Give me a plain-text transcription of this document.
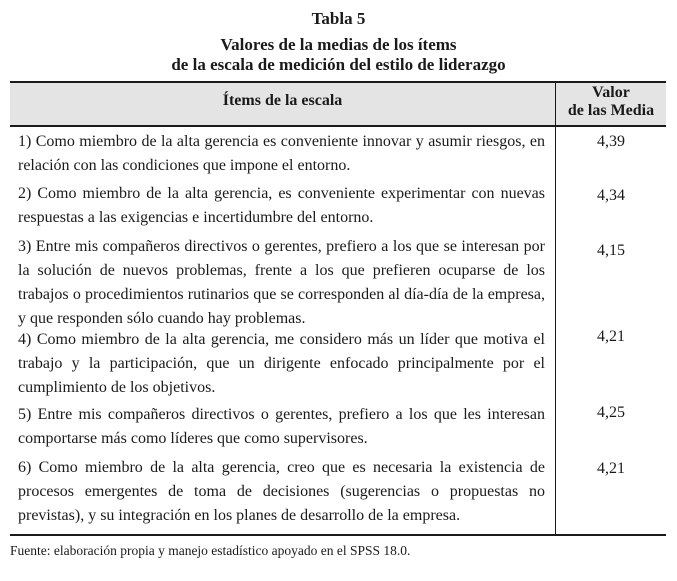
Tabla 5
Valores de la medias de los ítems
de la escala de medición del estilo de liderazgo
Ítems de la escala	Valor
de las Media
1) Como miembro de la alta gerencia es conveniente innovar y asumir riesgos, en relación con las condiciones que impone el entorno.
4,39
2) Como miembro de la alta gerencia, es conveniente experimentar con nuevas respuestas a las exigencias e incertidumbre del entorno.
4,34
3) Entre mis compañeros directivos o gerentes, prefiero a los que se interesan por la solución de nuevos problemas, frente a los que prefieren ocuparse de los trabajos o procedimientos rutinarios que se corresponden al día-día de la empresa, y que responden sólo cuando hay problemas.
4,15
4) Como miembro de la alta gerencia, me considero más un líder que motiva el trabajo y la participación, que un dirigente enfocado principalmente por el cumplimiento de los objetivos.
4,21
5) Entre mis compañeros directivos o gerentes, prefiero a los que les interesan comportarse más como líderes que como supervisores.
4,25
6) Como miembro de la alta gerencia, creo que es necesaria la existencia de procesos emergentes de toma de decisiones (sugerencias o propuestas no previstas), y su integración en los planes de desarrollo de la empresa.
4,21
Fuente: elaboración propia y manejo estadístico apoyado en el SPSS 18.0.
